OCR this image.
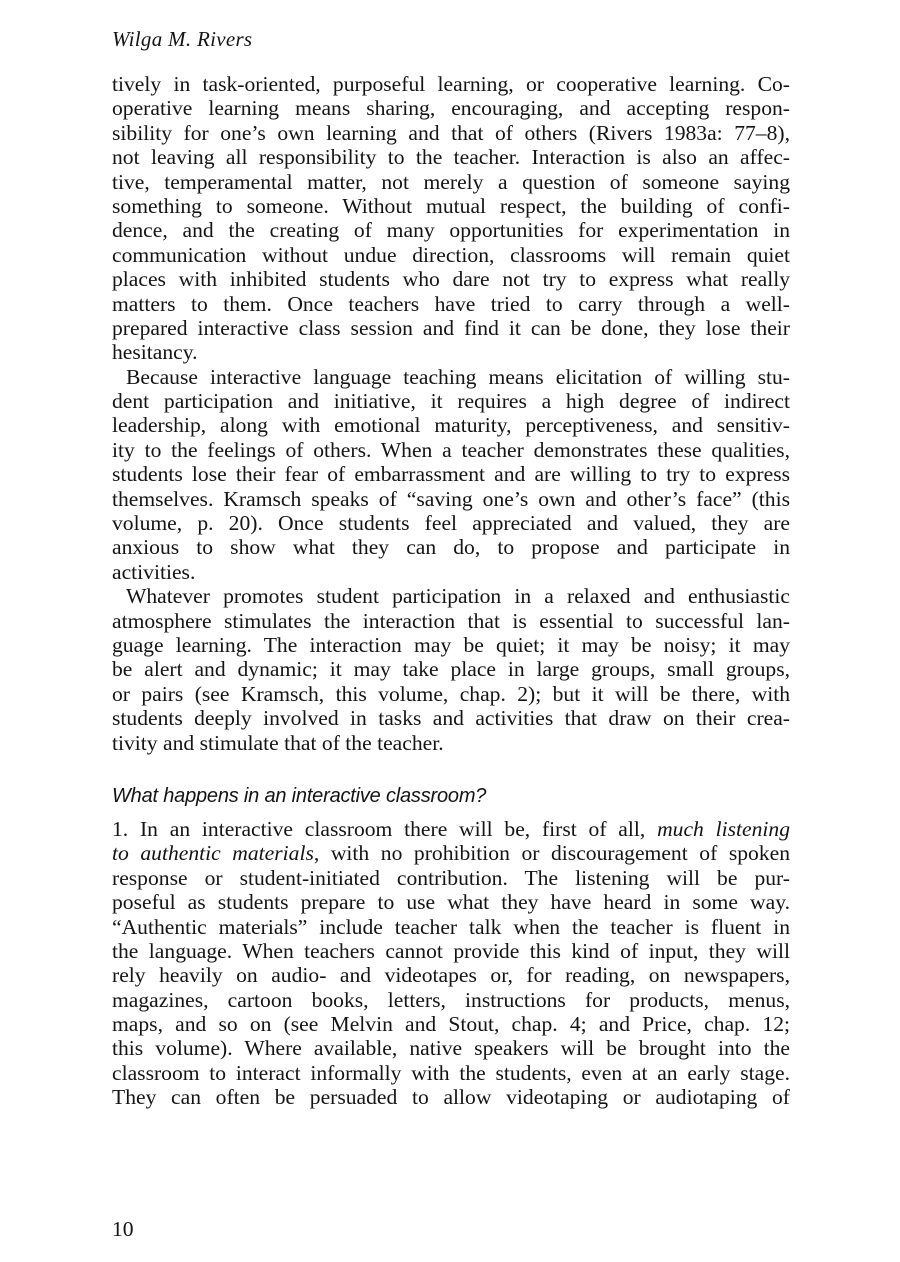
Wilga M. Rivers
tively in task-oriented, purposeful learning, or cooperative learning. Co-
operative learning means sharing, encouraging, and accepting respon-
sibility for one’s own learning and that of others (Rivers 1983a: 77–8),
not leaving all responsibility to the teacher. Interaction is also an affec-
tive, temperamental matter, not merely a question of someone saying
something to someone. Without mutual respect, the building of confi-
dence, and the creating of many opportunities for experimentation in
communication without undue direction, classrooms will remain quiet
places with inhibited students who dare not try to express what really
matters to them. Once teachers have tried to carry through a well-
prepared interactive class session and find it can be done, they lose their
hesitancy.
Because interactive language teaching means elicitation of willing stu-
dent participation and initiative, it requires a high degree of indirect
leadership, along with emotional maturity, perceptiveness, and sensitiv-
ity to the feelings of others. When a teacher demonstrates these qualities,
students lose their fear of embarrassment and are willing to try to express
themselves. Kramsch speaks of “saving one’s own and other’s face” (this
volume, p. 20). Once students feel appreciated and valued, they are
anxious to show what they can do, to propose and participate in
activities.
Whatever promotes student participation in a relaxed and enthusiastic
atmosphere stimulates the interaction that is essential to successful lan-
guage learning. The interaction may be quiet; it may be noisy; it may
be alert and dynamic; it may take place in large groups, small groups,
or pairs (see Kramsch, this volume, chap. 2); but it will be there, with
students deeply involved in tasks and activities that draw on their crea-
tivity and stimulate that of the teacher.
What happens in an interactive classroom?
1. In an interactive classroom there will be, first of all, much listening
to authentic materials, with no prohibition or discouragement of spoken
response or student-initiated contribution. The listening will be pur-
poseful as students prepare to use what they have heard in some way.
“Authentic materials” include teacher talk when the teacher is fluent in
the language. When teachers cannot provide this kind of input, they will
rely heavily on audio- and videotapes or, for reading, on newspapers,
magazines, cartoon books, letters, instructions for products, menus,
maps, and so on (see Melvin and Stout, chap. 4; and Price, chap. 12;
this volume). Where available, native speakers will be brought into the
classroom to interact informally with the students, even at an early stage.
They can often be persuaded to allow videotaping or audiotaping of
10
